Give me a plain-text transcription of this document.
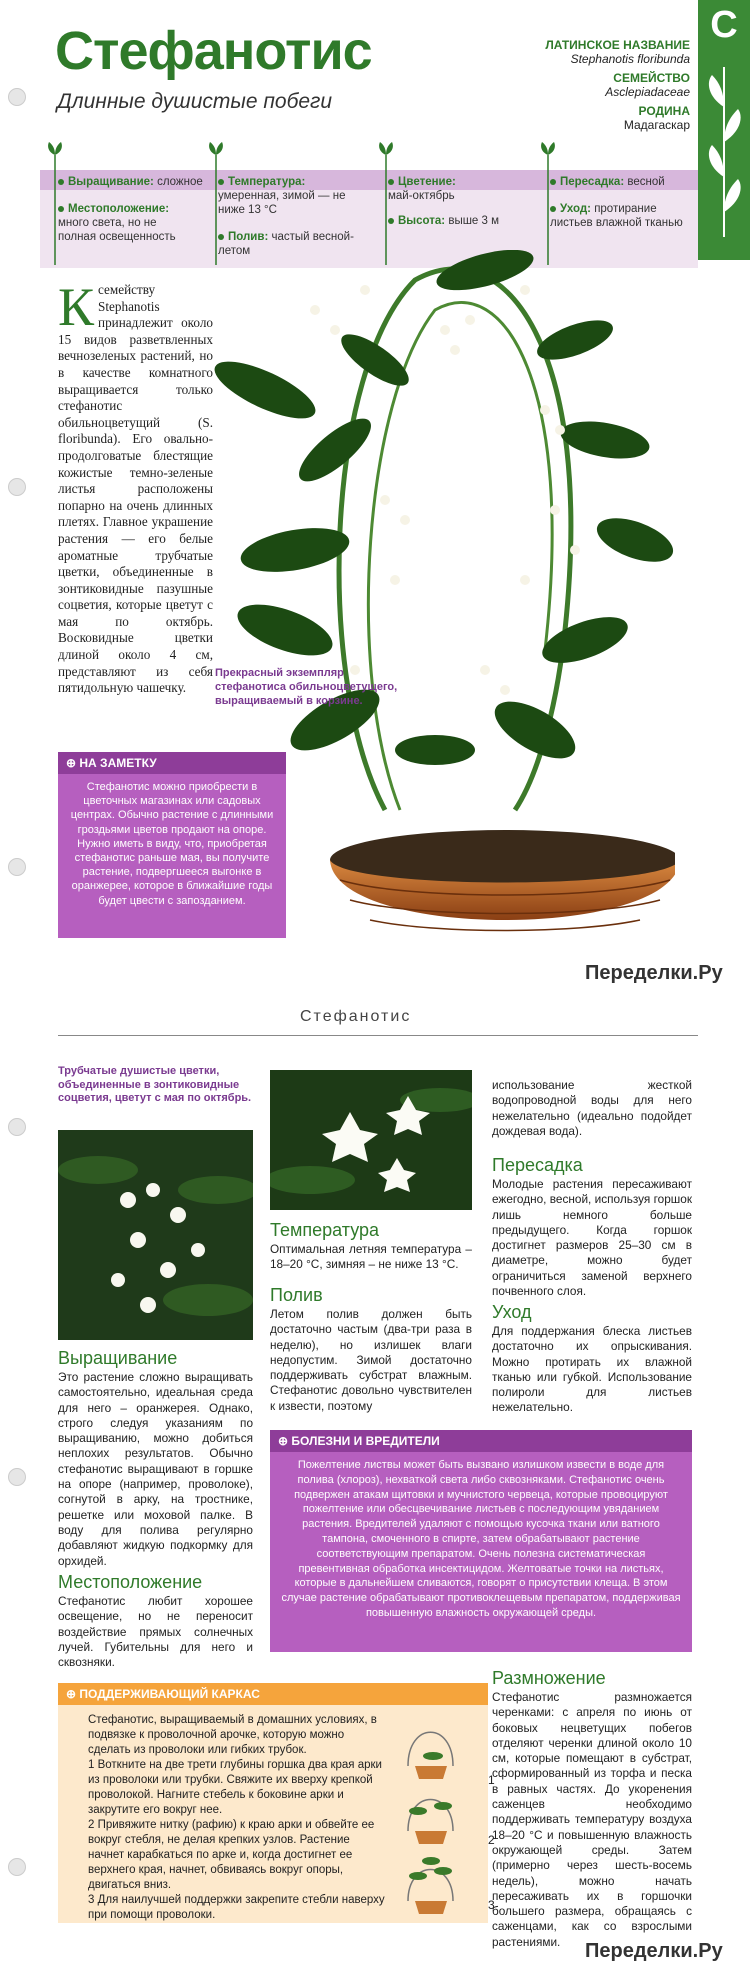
Стефанотис
Длинные душистые побеги
ЛАТИНСКОЕ НАЗВАНИЕ
Stephanotis floribunda
СЕМЕЙСТВО
Asclepiadaceae
РОДИНА
Мадагаскар
С
Выращивание: сложное
Местоположение:
много света, но не полная освещенность
Температура: умеренная, зимой — не ниже 13 °C
Полив: частый весной-летом
Цветение:
май-октябрь
Высота: выше 3 м
Пересадка: весной
Уход: протирание листьев влажной тканью
Ксемейству Stephanotis принадлежит около 15 видов разветвленных вечнозеленых растений, но в качестве комнатного выращивается только стефанотис обильноцветущий (S. floribunda). Его овально-продолговатые блестящие кожистые темно-зеленые листья расположены попарно на очень длинных плетях. Главное украшение растения — его белые ароматные трубчатые цветки, объединенные в зонтиковидные пазушные соцветия, которые цветут с мая по октябрь. Восковидные цветки длиной около 4 см, представляют из себя пятидольную чашечку.
Прекрасный экземпляр стефанотиса обильноцветущего, выращиваемый в корзине.
⊕ НА ЗАМЕТКУ
Стефанотис можно приобрести в цветочных магазинах или садовых центрах. Обычно растение с длинными гроздьями цветов продают на опоре. Нужно иметь в виду, что, приобретая стефанотис раньше мая, вы получите растение, подвергшееся выгонке в оранжерее, которое в ближайшие годы будет цвести с запозданием.
Переделки.Ру
Стефанотис
Трубчатые душистые цветки, объединенные в зонтиковидные соцветия, цветут с мая по октябрь.
Выращивание
Это растение сложно выращивать самостоятельно, идеальная среда для него – оранжерея. Однако, строго следуя указаниям по выращиванию, можно добиться неплохих результатов. Обычно стефанотис выращивают в горшке на опоре (например, проволоке), согнутой в арку, на тростнике, решетке или моховой палке. В воду для полива регулярно добавляют жидкую подкормку для орхидей.
Местоположение
Стефанотис любит хорошее освещение, но не переносит воздействие прямых солнечных лучей. Губительны для него и сквозняки.
Температура
Оптимальная летняя температура – 18–20 °C, зимняя – не ниже 13 °C.
Полив
Летом полив должен быть достаточно частым (два-три раза в неделю), но излишек влаги недопустим. Зимой достаточно поддерживать субстрат влажным. Стефанотис довольно чувствителен к извести, поэтому
использование жесткой водопроводной воды для него нежелательно (идеально подойдет дождевая вода).
Пересадка
Молодые растения пересаживают ежегодно, весной, используя горшок лишь немного больше предыдущего. Когда горшок достигнет размеров 25–30 см в диаметре, можно будет ограничиться заменой верхнего почвенного слоя.
Уход
Для поддержания блеска листьев достаточно их опрыскивания. Можно протирать их влажной тканью или губкой. Использование полироли для листьев нежелательно.
⊕ БОЛЕЗНИ И ВРЕДИТЕЛИ
Пожелтение листвы может быть вызвано излишком извести в воде для полива (хлороз), нехваткой света либо сквозняками. Стефанотис очень подвержен атакам щитовки и мучнистого червеца, которые провоцируют пожелтение или обесцвечивание листьев с последующим увяданием растения. Вредителей удаляют с помощью кусочка ткани или ватного тампона, смоченного в спирте, затем обрабатывают растение соответствующим препаратом. Очень полезна систематическая превентивная обработка инсектицидом. Желтоватые точки на листьях, которые в дальнейшем сливаются, говорят о присутствии клеща. В этом случае растение обрабатывают противоклещевым препаратом, поддерживая повышенную влажность окружающей среды.
⊕ ПОДДЕРЖИВАЮЩИЙ КАРКАС
Стефанотис, выращиваемый в домашних условиях, в подвязке к проволочной арочке, которую можно сделать из проволоки или гибких трубок.
1 Воткните на две трети глубины горшка два края арки из проволоки или трубки. Свяжите их вверху крепкой проволокой. Нагните стебель к боковине арки и закрутите его вокруг нее.
2 Привяжите нитку (рафию) к краю арки и обвейте ее вокруг стебля, не делая крепких узлов. Растение начнет карабкаться по арке и, когда достигнет ее верхнего края, начнет, обвиваясь вокруг опоры, двигаться вниз.
3 Для наилучшей поддержки закрепите стебли наверху при помощи проволоки.
1
2
3
Размножение
Стефанотис размножается черенками: с апреля по июнь от боковых нецветущих побегов отделяют черенки длиной около 10 см, которые помещают в субстрат, сформированный из торфа и песка в равных частях. До укоренения саженцев необходимо поддерживать температуру воздуха 18–20 °C и повышенную влажность окружающей среды. Затем (примерно через шесть-восемь недель), можно начать пересаживать их в горшочки большего размера, обращаясь с саженцами, как со взрослыми растениями.	Переделки.Ру
